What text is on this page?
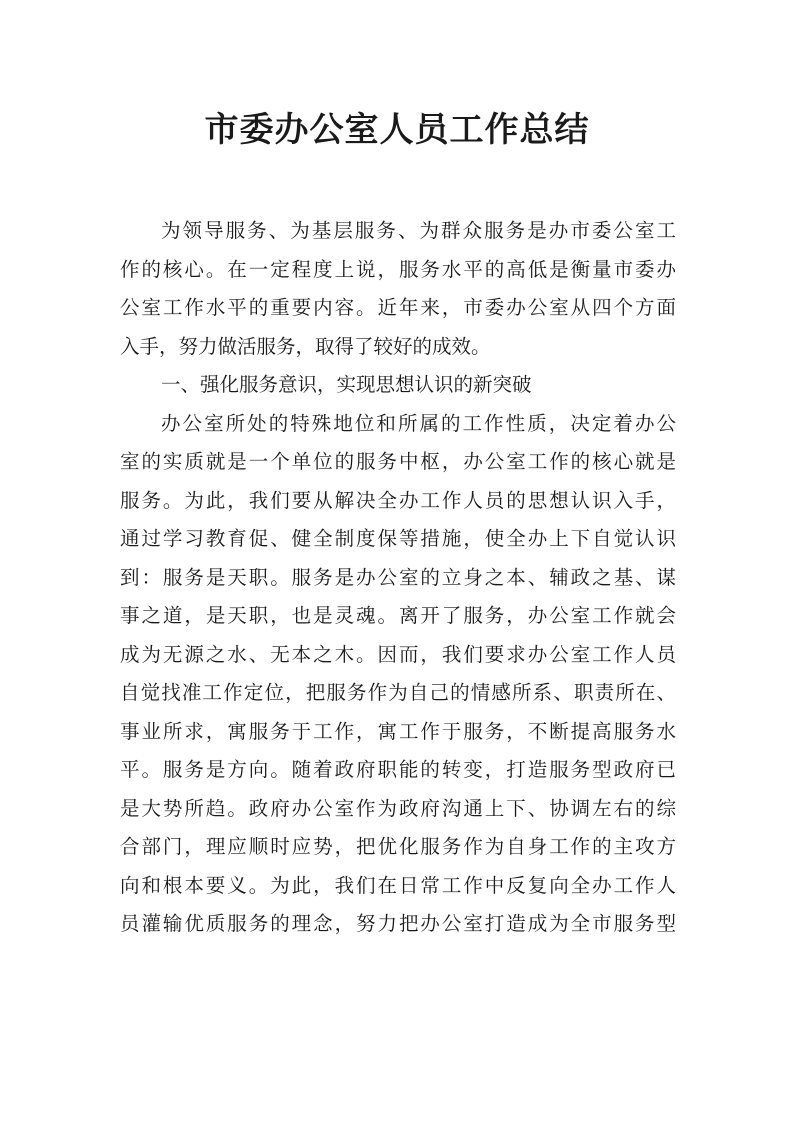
市委办公室人员工作总结
为领导服务、为基层服务、为群众服务是办市委公室工
作的核心。在一定程度上说，服务水平的高低是衡量市委办
公室工作水平的重要内容。近年来，市委办公室从四个方面
入手，努力做活服务，取得了较好的成效。
一、强化服务意识，实现思想认识的新突破
办公室所处的特殊地位和所属的工作性质，决定着办公
室的实质就是一个单位的服务中枢，办公室工作的核心就是
服务。为此，我们要从解决全办工作人员的思想认识入手，
通过学习教育促、健全制度保等措施，使全办上下自觉认识
到：服务是天职。服务是办公室的立身之本、辅政之基、谋
事之道，是天职，也是灵魂。离开了服务，办公室工作就会
成为无源之水、无本之木。因而，我们要求办公室工作人员
自觉找准工作定位，把服务作为自己的情感所系、职责所在、
事业所求，寓服务于工作，寓工作于服务，不断提高服务水
平。服务是方向。随着政府职能的转变，打造服务型政府已
是大势所趋。政府办公室作为政府沟通上下、协调左右的综
合部门，理应顺时应势，把优化服务作为自身工作的主攻方
向和根本要义。为此，我们在日常工作中反复向全办工作人
员灌输优质服务的理念，努力把办公室打造成为全市服务型
